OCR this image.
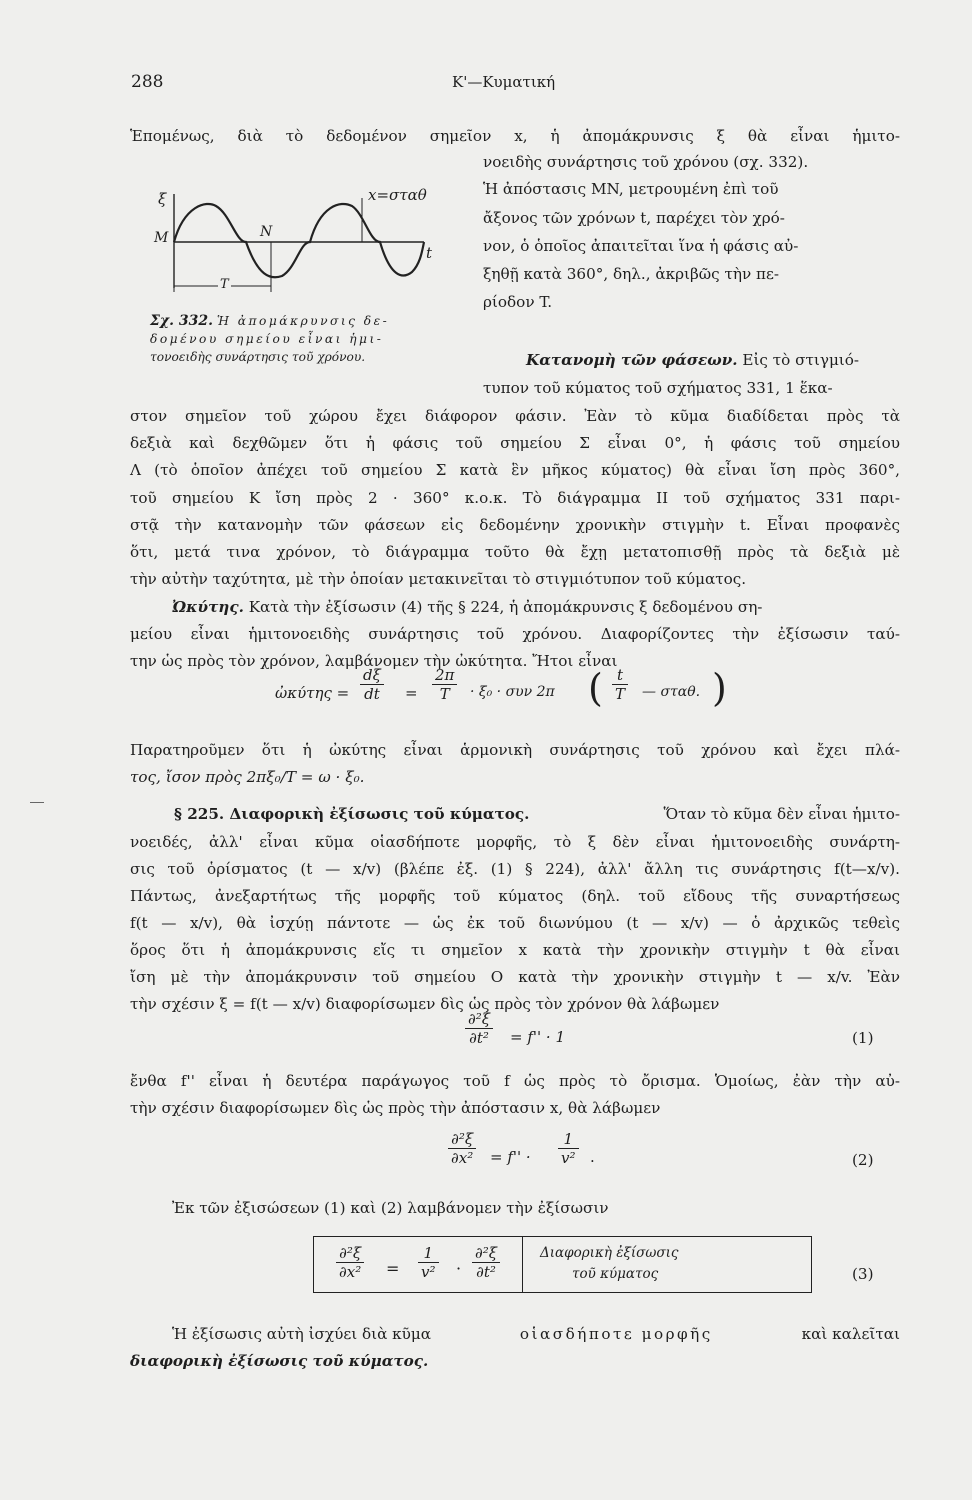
288	Κ'—Κυματική
Ἑπομένως, διὰ τὸ δεδομένον σημεῖον x, ἡ ἀπομάκρυνσις ξ θὰ εἶναι ἡμιτο-
ξ
M	N
x=σταθ
t
T
Σχ. 332. Ἡ ἀπομάκρυνσις δε-
δομένου σημείου εἶναι ἡμι-
τονοειδὴς συνάρτησις τοῦ χρόνου.
νοειδὴς συνάρτησις τοῦ χρόνου (σχ. 332).
Ἡ ἀπόστασις MN, μετρουμένη ἐπὶ τοῦ
ἄξονος τῶν χρόνων t, παρέχει τὸν χρό-
νον, ὁ ὁποῖος ἀπαιτεῖται ἵνα ἡ φάσις αὐ-
ξηθῇ κατὰ 360°, δηλ., ἀκριβῶς τὴν πε-
ρίοδον T.
Κατανομὴ τῶν φάσεων. Εἰς τὸ στιγμιό-
τυπον τοῦ κύματος τοῦ σχήματος 331, 1 ἕκα-
στον σημεῖον τοῦ χώρου ἔχει διάφορον φάσιν. Ἐὰν τὸ κῦμα διαδίδεται πρὸς τὰ
δεξιὰ καὶ δεχθῶμεν ὅτι ἡ φάσις τοῦ σημείου Σ εἶναι 0°, ἡ φάσις τοῦ σημείου
Λ (τὸ ὁποῖον ἀπέχει τοῦ σημείου Σ κατὰ ἓν μῆκος κύματος) θὰ εἶναι ἴση πρὸς 360°,
τοῦ σημείου K ἴση πρὸς 2 · 360° κ.ο.κ. Τὸ διάγραμμα II τοῦ σχήματος 331 παρι-
στᾷ τὴν κατανομὴν τῶν φάσεων εἰς δεδομένην χρονικὴν στιγμὴν t. Εἶναι προφανὲς
ὅτι, μετά τινα χρόνον, τὸ διάγραμμα τοῦτο θὰ ἔχῃ μετατοπισθῇ πρὸς τὰ δεξιὰ μὲ
τὴν αὐτὴν ταχύτητα, μὲ τὴν ὁποίαν μετακινεῖται τὸ στιγμιότυπον τοῦ κύματος.
Ὠκύτης. Κατὰ τὴν ἐξίσωσιν (4) τῆς § 224, ἡ ἀπομάκρυνσις ξ δεδομένου ση-
μείου εἶναι ἡμιτονοειδὴς συνάρτησις τοῦ χρόνου. Διαφορίζοντες τὴν ἐξίσωσιν ταύ-
την ὡς πρὸς τὸν χρόνον, λαμβάνομεν τὴν ὠκύτητα. Ἤτοι εἶναι
ὠκύτης =
dξ
dt =
2π
T · ξ₀ · συν 2π ( t
T — σταθ. )
Παρατηροῦμεν ὅτι ἡ ὠκύτης εἶναι ἁρμονικὴ συνάρτησις τοῦ χρόνου καὶ ἔχει πλά-
τος, ἴσον πρὸς 2πξ₀/T = ω · ξ₀.
§ 225. Διαφορικὴ ἐξίσωσις τοῦ κύματος.	Ὅταν τὸ κῦμα δὲν εἶναι ἡμιτο-
νοειδές, ἀλλ' εἶναι κῦμα οἱασδήποτε μορφῆς, τὸ ξ δὲν εἶναι ἡμιτονοειδὴς συνάρτη-
σις τοῦ ὁρίσματος (t — x/v) (βλέπε ἐξ. (1) § 224), ἀλλ' ἄλλη τις συνάρτησις f(t—x/v).
Πάντως, ἀνεξαρτήτως τῆς μορφῆς τοῦ κύματος (δηλ. τοῦ εἴδους τῆς συναρτήσεως
f(t — x/v), θὰ ἰσχύῃ πάντοτε — ὡς ἐκ τοῦ διωνύμου (t — x/v) — ὁ ἀρχικῶς τεθεὶς
ὅρος ὅτι ἡ ἀπομάκρυνσις εἴς τι σημεῖον x κατὰ τὴν χρονικὴν στιγμὴν t θὰ εἶναι
ἴση μὲ τὴν ἀπομάκρυνσιν τοῦ σημείου O κατὰ τὴν χρονικὴν στιγμὴν t — x/v. Ἐὰν
τὴν σχέσιν ξ = f(t — x/v) διαφορίσωμεν δὶς ὡς πρὸς τὸν χρόνον θὰ λάβωμεν
∂²ξ
∂t² = f'' · 1	(1)
ἔνθα f'' εἶναι ἡ δευτέρα παράγωγος τοῦ f ὡς πρὸς τὸ ὄρισμα. Ὁμοίως, ἐὰν τὴν αὐ-
τὴν σχέσιν διαφορίσωμεν δὶς ὡς πρὸς τὴν ἀπόστασιν x, θὰ λάβωμεν
∂²ξ
∂x² = f'' ·
1
v² .	(2)
Ἐκ τῶν ἐξισώσεων (1) καὶ (2) λαμβάνομεν τὴν ἐξίσωσιν
∂²ξ
∂x² =
1
v² ·
∂²ξ
∂t²
Διαφορικὴ ἐξίσωσις
τοῦ κύματος	(3)
Ἡ ἐξίσωσις αὐτὴ ἰσχύει διὰ κῦμα	οἱασδήποτε μορφῆς	καὶ καλεῖται
διαφορικὴ ἐξίσωσις τοῦ κύματος.
